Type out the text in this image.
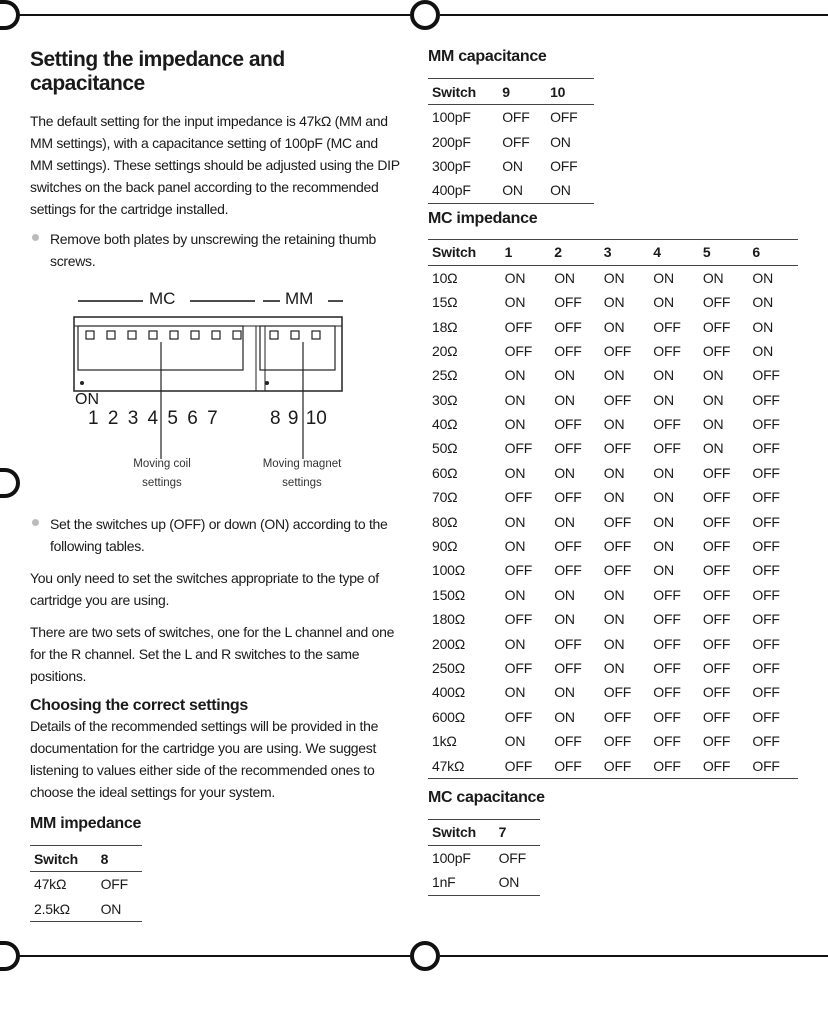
Setting the impedance and capacitance

The default setting for the input impedance is 47kΩ (MM and MM settings), with a capacitance setting of 100pF (MC and MM settings). These settings should be adjusted using the DIP switches on the back panel according to the recommended settings for the cartridge installed.

Remove both plates by unscrewing the retaining thumb screws.
MC	MM
ON
1 2 3 4 5 6 7	8 9 10
Moving coil
settings
Moving magnet
settings
Set the switches up (OFF) or down (ON) according to the following tables.

You only need to set the switches appropriate to the type of cartridge you are using.

There are two sets of switches, one for the L channel and one for the R channel. Set the L and R switches to the same positions.

Choosing the correct settings

Details of the recommended settings will be provided in the documentation for the cartridge you are using. We suggest listening to values either side of the recommended ones to choose the ideal settings for your system.

MM impedance
Switch	8
47kΩ	OFF
2.5kΩ	ON
MM capacitance
Switch	9	10
100pF	OFF	OFF
200pF	OFF	ON
300pF	ON	OFF
400pF	ON	ON
MC impedance
Switch	1	2	3	4	5	6
10Ω	ON	ON	ON	ON	ON	ON
15Ω	ON	OFF	ON	ON	OFF	ON
18Ω	OFF	OFF	ON	OFF	OFF	ON
20Ω	OFF	OFF	OFF	OFF	OFF	ON
25Ω	ON	ON	ON	ON	ON	OFF
30Ω	ON	ON	OFF	ON	ON	OFF
40Ω	ON	OFF	ON	OFF	ON	OFF
50Ω	OFF	OFF	OFF	OFF	ON	OFF
60Ω	ON	ON	ON	ON	OFF	OFF
70Ω	OFF	OFF	ON	ON	OFF	OFF
80Ω	ON	ON	OFF	ON	OFF	OFF
90Ω	ON	OFF	OFF	ON	OFF	OFF
100Ω	OFF	OFF	OFF	ON	OFF	OFF
150Ω	ON	ON	ON	OFF	OFF	OFF
180Ω	OFF	ON	ON	OFF	OFF	OFF
200Ω	ON	OFF	ON	OFF	OFF	OFF
250Ω	OFF	OFF	ON	OFF	OFF	OFF
400Ω	ON	ON	OFF	OFF	OFF	OFF
600Ω	OFF	ON	OFF	OFF	OFF	OFF
1kΩ	ON	OFF	OFF	OFF	OFF	OFF
47kΩ	OFF	OFF	OFF	OFF	OFF	OFF
MC capacitance
Switch	7
100pF	OFF
1nF	ON
